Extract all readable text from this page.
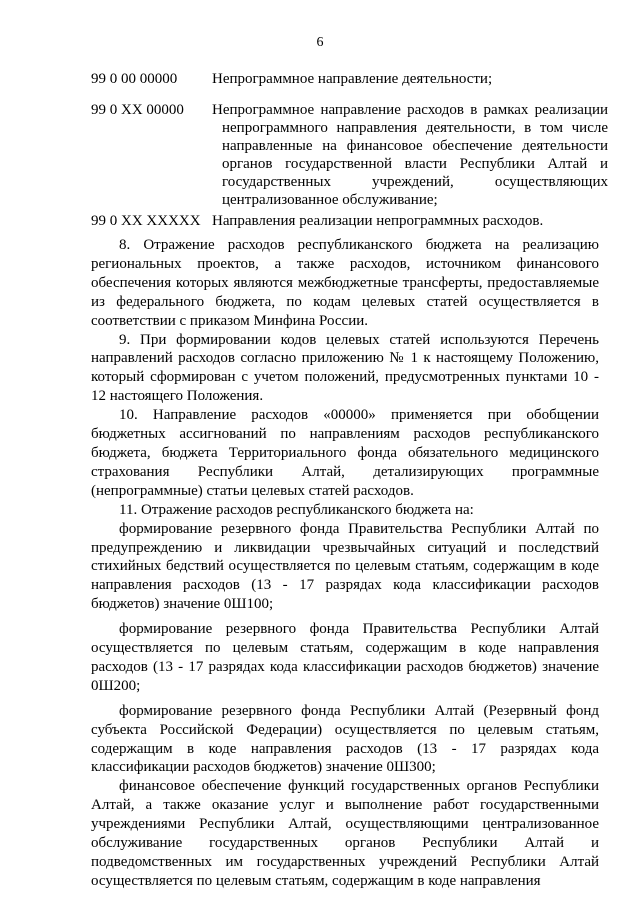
6
99 0 00 00000 Непрограммное направление деятельности;
99 0 XX 00000 Непрограммное направление расходов в рамках реализации непрограммного направления деятельности, в том числе направленные на финансовое обеспечение деятельности органов государственной власти Республики Алтай и государственных учреждений, осуществляющих централизованное обслуживание;
99 0 XX XXXXX Направления реализации непрограммных расходов.

8. Отражение расходов республиканского бюджета на реализацию региональных проектов, а также расходов, источником финансового обеспечения которых являются межбюджетные трансферты, предоставляемые из федерального бюджета, по кодам целевых статей осуществляется в соответствии с приказом Минфина России.

9. При формировании кодов целевых статей используются Перечень направлений расходов согласно приложению № 1 к настоящему Положению, который сформирован с учетом положений, предусмотренных пунктами 10 - 12 настоящего Положения.

10. Направление расходов «00000» применяется при обобщении бюджетных ассигнований по направлениям расходов республиканского бюджета, бюджета Территориального фонда обязательного медицинского страхования Республики Алтай, детализирующих программные (непрограммные) статьи целевых статей расходов.

11. Отражение расходов республиканского бюджета на:

формирование резервного фонда Правительства Республики Алтай по предупреждению и ликвидации чрезвычайных ситуаций и последствий стихийных бедствий осуществляется по целевым статьям, содержащим в коде направления расходов (13 - 17 разрядах кода классификации расходов бюджетов) значение 0Ш100;

формирование резервного фонда Правительства Республики Алтай осуществляется по целевым статьям, содержащим в коде направления расходов (13 - 17 разрядах кода классификации расходов бюджетов) значение 0Ш200;

формирование резервного фонда Республики Алтай (Резервный фонд субъекта Российской Федерации) осуществляется по целевым статьям, содержащим в коде направления расходов (13 - 17 разрядах кода классификации расходов бюджетов) значение 0Ш300;

финансовое обеспечение функций государственных органов Республики Алтай, а также оказание услуг и выполнение работ государственными учреждениями Республики Алтай, осуществляющими централизованное обслуживание государственных органов Республики Алтай и подведомственных им государственных учреждений Республики Алтай осуществляется по целевым статьям, содержащим в коде направления
